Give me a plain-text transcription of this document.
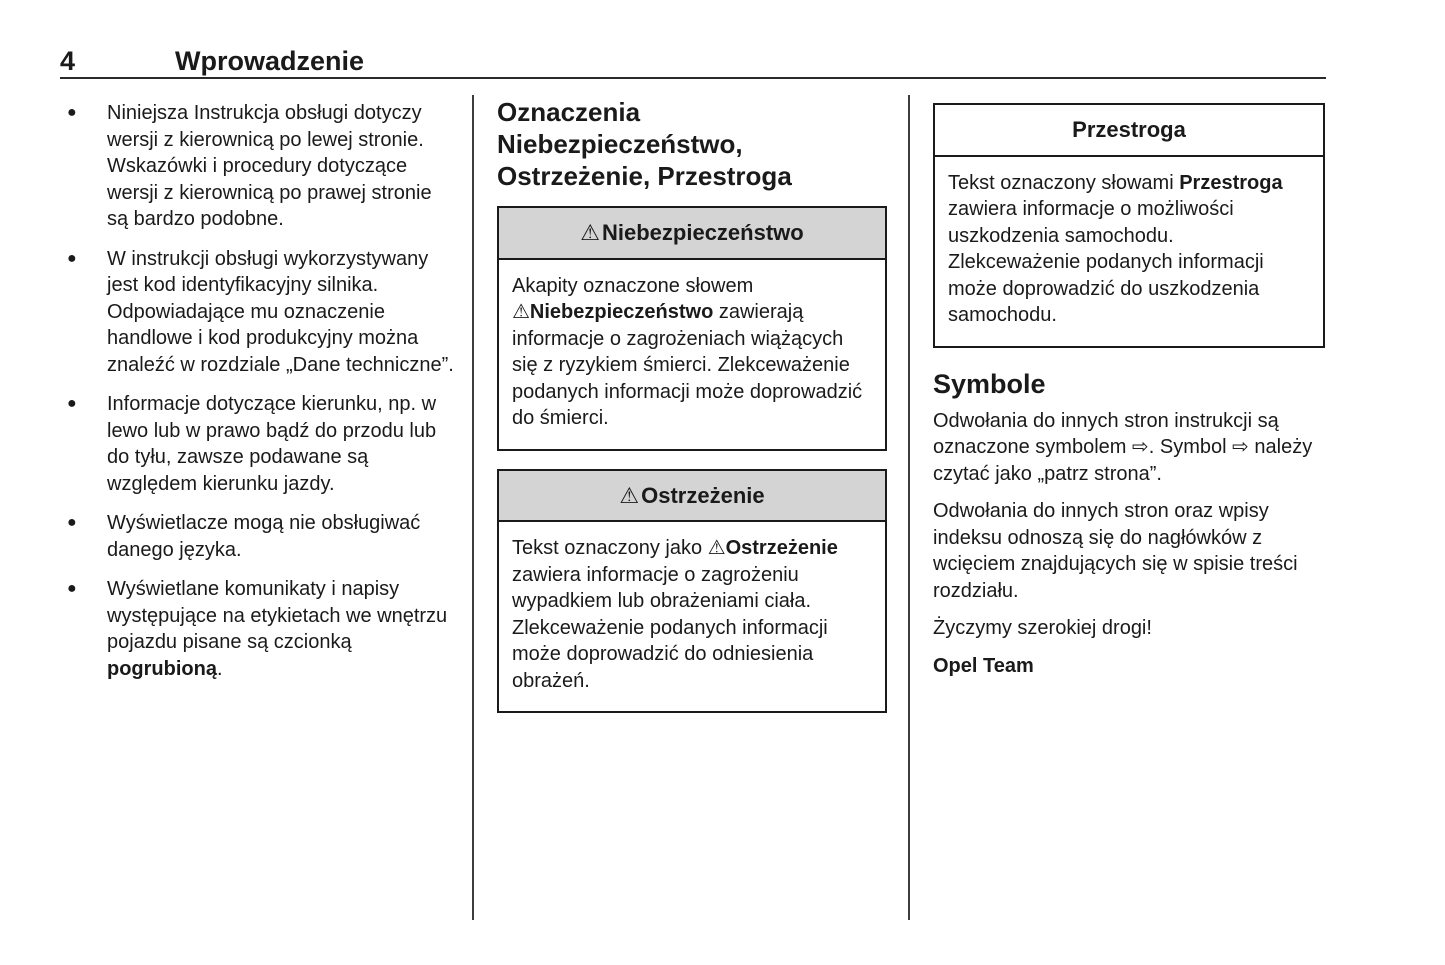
4	Wprowadzenie
● Niniejsza Instrukcja obsługi dotyczy wersji z kierownicą po lewej stronie. Wskazówki i procedury dotyczące wersji z kierownicą po prawej stronie są bardzo podobne.
● W instrukcji obsługi wykorzystywany jest kod identyfikacyjny silnika. Odpowiadające mu oznaczenie handlowe i kod produkcyjny można znaleźć w rozdziale „Dane techniczne”.
● Informacje dotyczące kierunku, np. w lewo lub w prawo bądź do przodu lub do tyłu, zawsze podawane są względem kierunku jazdy.
● Wyświetlacze mogą nie obsługiwać danego języka.
● Wyświetlane komunikaty i napisy występujące na etykietach we wnętrzu pojazdu pisane są czcionką pogrubioną.
Oznaczenia
Niebezpieczeństwo,
Ostrzeżenie, Przestroga
⚠Niebezpieczeństwo
Akapity oznaczone słowem ⚠Niebezpieczeństwo zawierają informacje o zagrożeniach wiążących się z ryzykiem śmierci. Zlekceważenie podanych informacji może doprowadzić do śmierci.
⚠Ostrzeżenie
Tekst oznaczony jako ⚠Ostrzeżenie zawiera informacje o zagrożeniu wypadkiem lub obrażeniami ciała. Zlekceważenie podanych informacji może doprowadzić do odniesienia obrażeń.
Przestroga
Tekst oznaczony słowami Przestroga zawiera informacje o możliwości uszkodzenia samochodu. Zlekceważenie podanych informacji może doprowadzić do uszkodzenia samochodu.
Symbole
Odwołania do innych stron instrukcji są oznaczone symbolem ⇨. Symbol ⇨ należy czytać jako „patrz strona”.
Odwołania do innych stron oraz wpisy indeksu odnoszą się do nagłówków z wcięciem znajdujących się w spisie treści rozdziału.
Życzymy szerokiej drogi!
Opel Team
